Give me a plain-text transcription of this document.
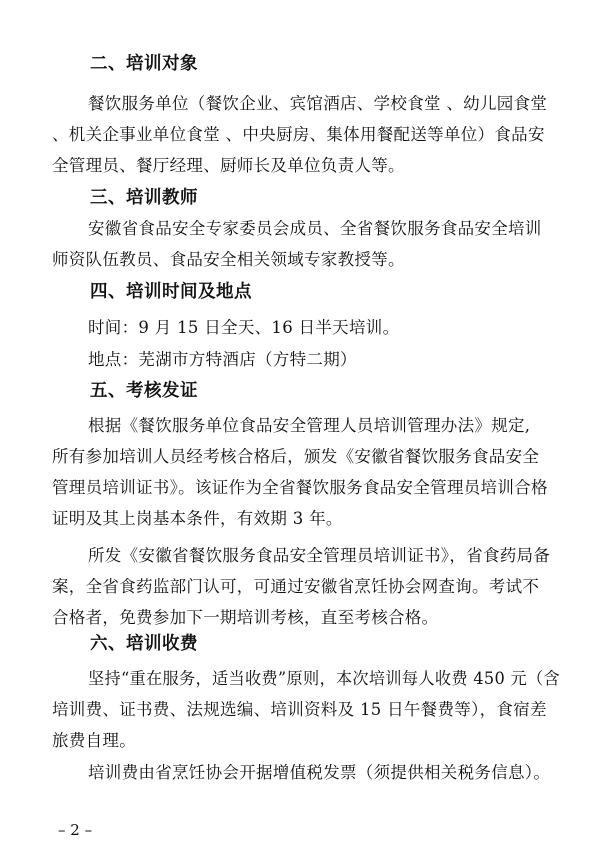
二、培训对象
餐饮服务单位（餐饮企业、宾馆酒店、学校食堂 、幼儿园食堂
、机关企事业单位食堂 、中央厨房、集体用餐配送等单位）食品安
全管理员、餐厅经理、厨师长及单位负责人等。
三、培训教师
安徽省食品安全专家委员会成员、全省餐饮服务食品安全培训
师资队伍教员、食品安全相关领域专家教授等。
四、培训时间及地点
时间：9 月 15 日全天、16 日半天培训。
地点：芜湖市方特酒店（方特二期）
五、考核发证
根据《餐饮服务单位食品安全管理人员培训管理办法》规定,
所有参加培训人员经考核合格后，颁发《安徽省餐饮服务食品安全
管理员培训证书》。该证作为全省餐饮服务食品安全管理员培训合格
证明及其上岗基本条件，有效期 3 年。
所发《安徽省餐饮服务食品安全管理员培训证书》，省食药局备
案，全省食药监部门认可，可通过安徽省烹饪协会网查询。考试不
合格者，免费参加下一期培训考核，直至考核合格。
六、培训收费
坚持“重在服务，适当收费”原则，本次培训每人收费 450 元（含
培训费、证书费、法规选编、培训资料及 15 日午餐费等），食宿差
旅费自理。
培训费由省烹饪协会开据增值税发票（须提供相关税务信息）。
– 2 –
